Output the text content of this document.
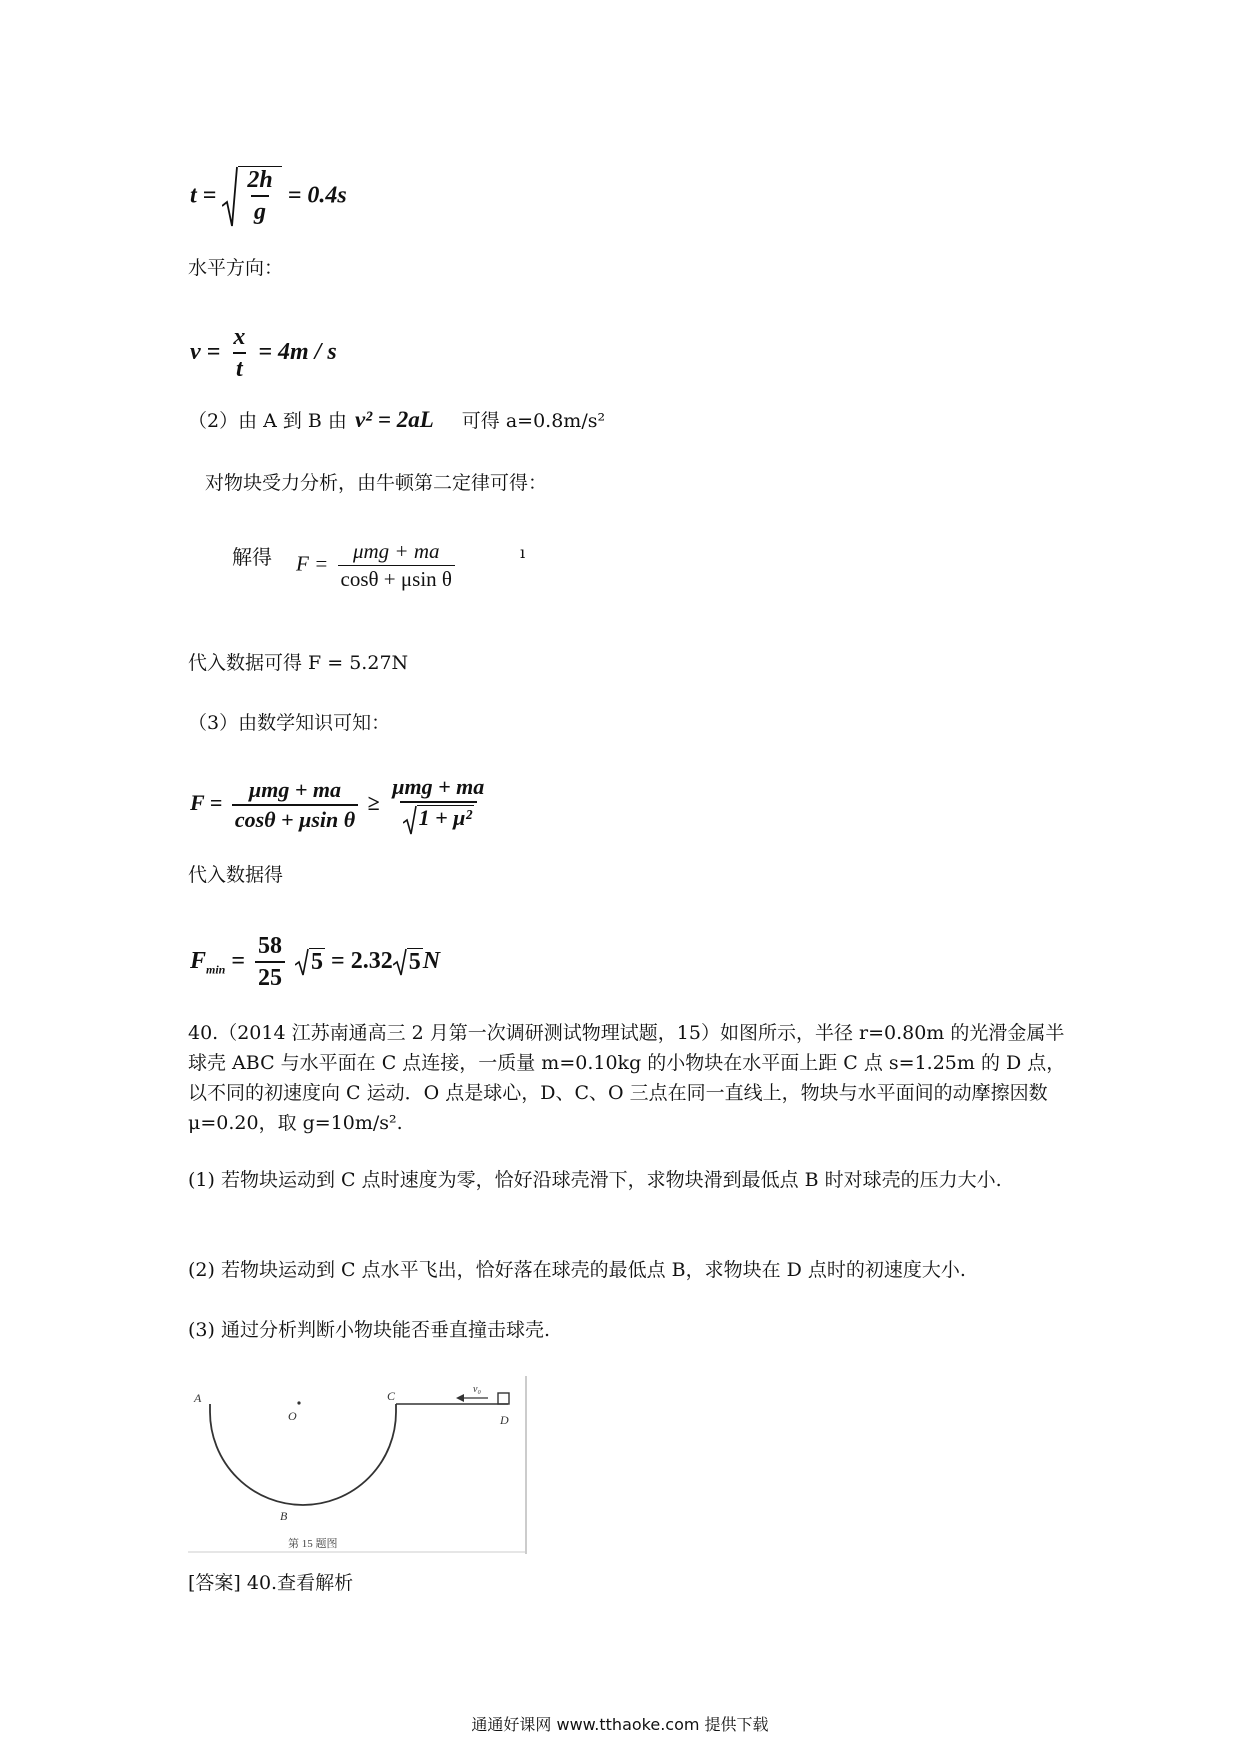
$t = \frac{2h}{g} = 0.4s$
水平方向：
$v = \frac{x}{t} = 4m / s$
（2）由 A 到 B 由 v² = 2aL 可得 a=0.8m/s²
对物块受力分析，由牛顿第二定律可得：
解得 $F = \frac{\text{μmg + ma}}{\text{cosθ + μsin θ}}$	ı
代入数据可得 F = 5.27N
（3）由数学知识可知：
$F = \frac{\text{μmg + ma}}{\text{cosθ + μsin θ}} \ge \frac{\text{μmg + ma}}{\text{1 + μ²}}$
代入数据得
$F_{min} = \frac{58}{25}$
5 = 2.32 5 N
40.（2014 江苏南通高三 2 月第一次调研测试物理试题，15）如图所示，半径 r=0.80m 的光滑金属半球壳 ABC 与水平面在 C 点连接，一质量 m=0.10kg 的小物块在水平面上距 C 点 s=1.25m 的 D 点，以不同的初速度向 C 运动．O 点是球心，D、C、O 三点在同一直线上，物块与水平面间的动摩擦因数 μ=0.20，取 g=10m/s².
(1) 若物块运动到 C 点时速度为零，恰好沿球壳滑下，求物块滑到最低点 B 时对球壳的压力大小.
(2) 若物块运动到 C 点水平飞出，恰好落在球壳的最低点 B，求物块在 D 点时的初速度大小.
(3) 通过分析判断小物块能否垂直撞击球壳.
A
O
C
D
v₀
B
第 15 题图
[答案] 40.查看解析
通通好课网 www.tthaoke.com 提供下载
